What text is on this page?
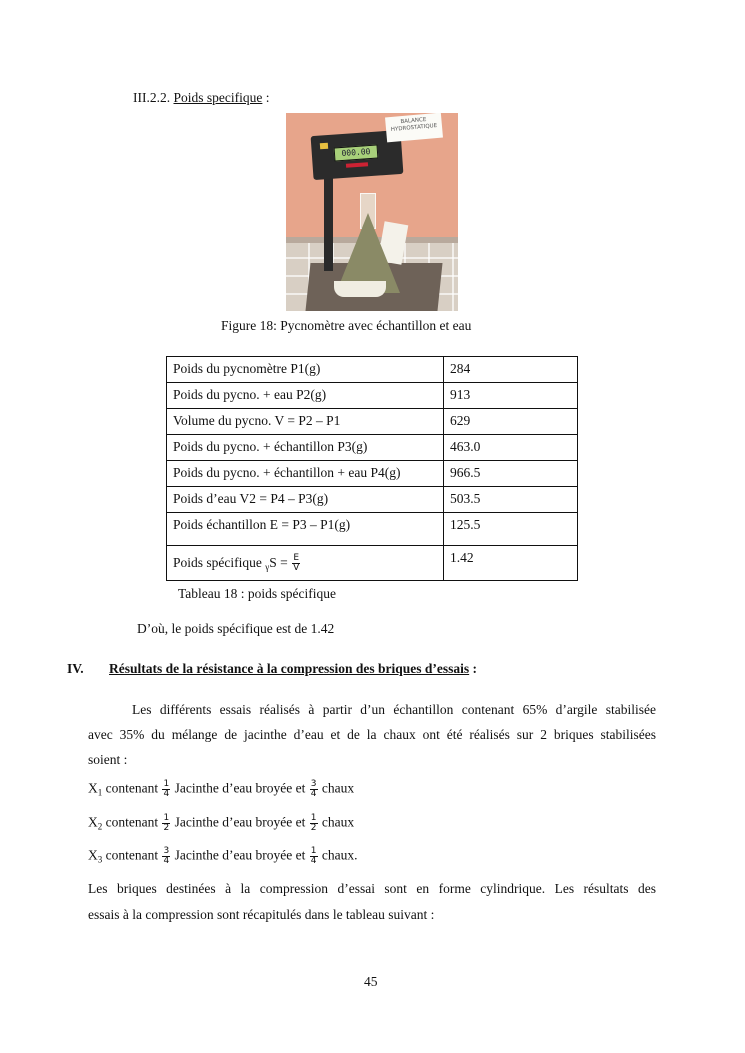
III.2.2. Poids specifique :
000.00
BALANCE
HYDROSTATIQUE
Figure 18: Pycnomètre avec échantillon et eau
Poids du pycnomètre P1(g)	284
Poids du pycno. + eau P2(g)	913
Volume du pycno. V = P2 – P1	629
Poids du pycno. + échantillon P3(g)	463.0
Poids du pycno. + échantillon + eau P4(g)	966.5
Poids d’eau V2 = P4 – P3(g)	503.5
Poids échantillon E = P3 – P1(g)	125.5
Poids spécifique $_\gamma S = \frac{E}{V}$	1.42
Tableau 18 : poids spécifique
D’où, le poids spécifique est de 1.42
IV. Résultats de la résistance à la compression des briques d’essais :
Les différents essais réalisés à partir d’un échantillon contenant 65% d’argile stabilisée
avec 35% du mélange de jacinthe d’eau et de la chaux ont été réalisés sur 2 briques stabilisées
soient :
$X_1$ contenant $\frac{1}{4}$ Jacinthe d’eau broyée et $\frac{3}{4}$ chaux
$X_2$ contenant $\frac{1}{2}$ Jacinthe d’eau broyée et $\frac{1}{2}$ chaux
$X_3$ contenant $\frac{3}{4}$ Jacinthe d’eau broyée et $\frac{1}{4}$ chaux.
Les briques destinées à la compression d’essai sont en forme cylindrique. Les résultats des
essais à la compression sont récapitulés dans le tableau suivant :
45
